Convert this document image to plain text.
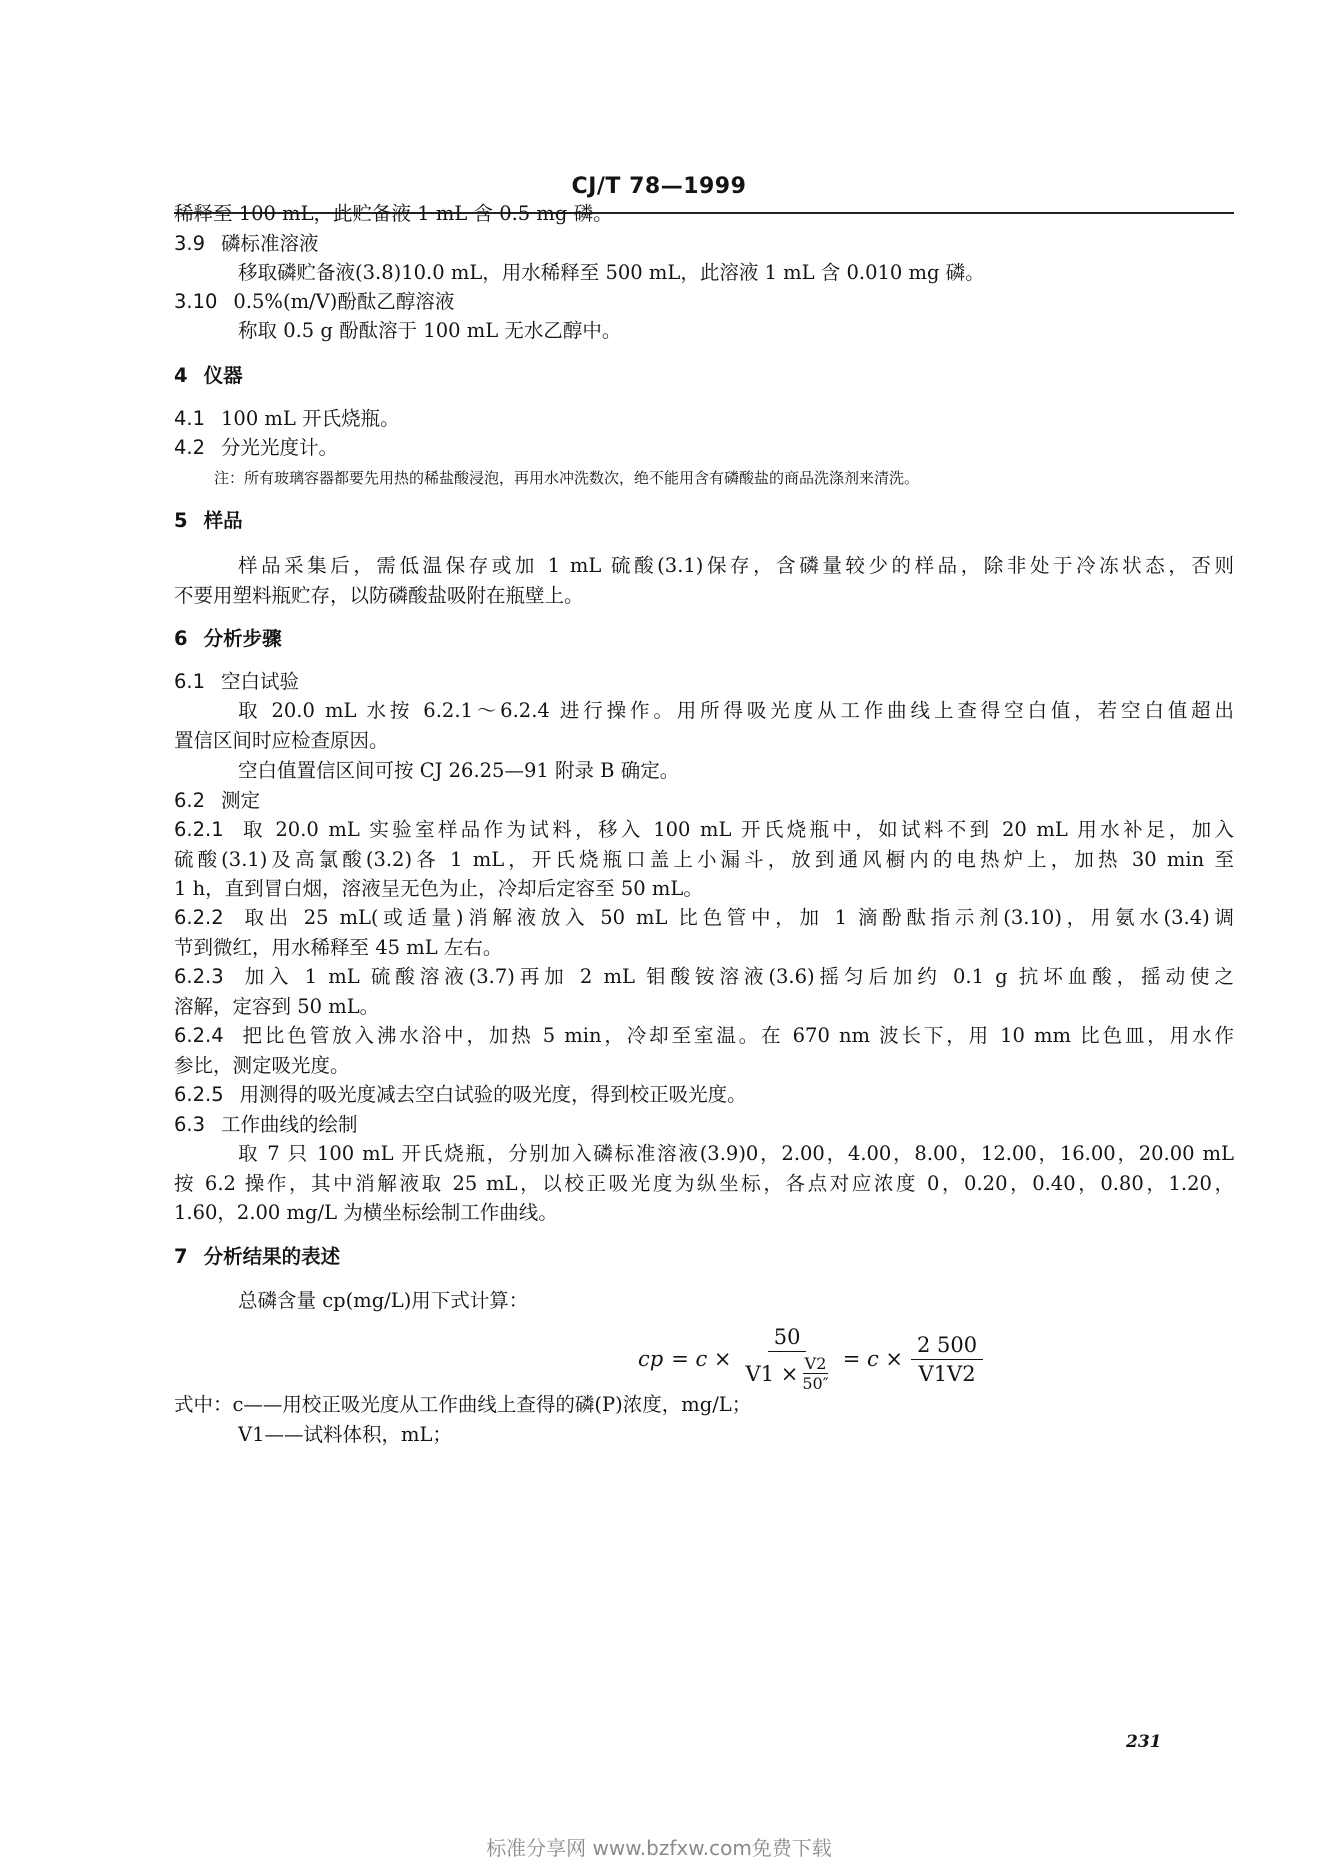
CJ/T 78—1999
稀释至 100 mL，此贮备液 1 mL 含 0.5 mg 磷。
3.9 磷标准溶液
移取磷贮备液(3.8)10.0 mL，用水稀释至 500 mL，此溶液 1 mL 含 0.010 mg 磷。
3.10 0.5%(m/V)酚酞乙醇溶液
称取 0.5 g 酚酞溶于 100 mL 无水乙醇中。
4 仪器
4.1 100 mL 开氏烧瓶。
4.2 分光光度计。
注：所有玻璃容器都要先用热的稀盐酸浸泡，再用水冲洗数次，绝不能用含有磷酸盐的商品洗涤剂来清洗。
5 样品
样品采集后，需低温保存或加 1 mL 硫酸(3.1)保存，含磷量较少的样品，除非处于冷冻状态，否则
不要用塑料瓶贮存，以防磷酸盐吸附在瓶壁上。
6 分析步骤
6.1 空白试验
取 20.0 mL 水按 6.2.1～6.2.4 进行操作。用所得吸光度从工作曲线上查得空白值，若空白值超出
置信区间时应检查原因。
空白值置信区间可按 CJ 26.25—91 附录 B 确定。
6.2 测定
6.2.1 取 20.0 mL 实验室样品作为试料，移入 100 mL 开氏烧瓶中，如试料不到 20 mL 用水补足，加入
硫酸(3.1)及高氯酸(3.2)各 1 mL，开氏烧瓶口盖上小漏斗，放到通风橱内的电热炉上，加热 30 min 至
1 h，直到冒白烟，溶液呈无色为止，冷却后定容至 50 mL。
6.2.2 取出 25 mL(或适量)消解液放入 50 mL 比色管中，加 1 滴酚酞指示剂(3.10)，用氨水(3.4)调
节到微红，用水稀释至 45 mL 左右。
6.2.3 加入 1 mL 硫酸溶液(3.7)再加 2 mL 钼酸铵溶液(3.6)摇匀后加约 0.1 g 抗坏血酸，摇动使之
溶解，定容到 50 mL。
6.2.4 把比色管放入沸水浴中，加热 5 min，冷却至室温。在 670 nm 波长下，用 10 mm 比色皿，用水作
参比，测定吸光度。
6.2.5 用测得的吸光度减去空白试验的吸光度，得到校正吸光度。
6.3 工作曲线的绘制
取 7 只 100 mL 开氏烧瓶，分别加入磷标准溶液(3.9)0，2.00，4.00，8.00，12.00，16.00，20.00 mL
按 6.2 操作，其中消解液取 25 mL，以校正吸光度为纵坐标，各点对应浓度 0，0.20，0.40，0.80，1.20，
1.60，2.00 mg/L 为横坐标绘制工作曲线。
7 分析结果的表述
总磷含量 cp(mg/L)用下式计算：
cp = $c \times \frac{50}{V1 \times \frac{V2}{50''}} = c \times \frac{2 500}{V1V2}$
式中：c——用校正吸光度从工作曲线上查得的磷(P)浓度，mg/L；
V1——试料体积，mL；
231
标准分享网 www.bzfxw.com免费下载
